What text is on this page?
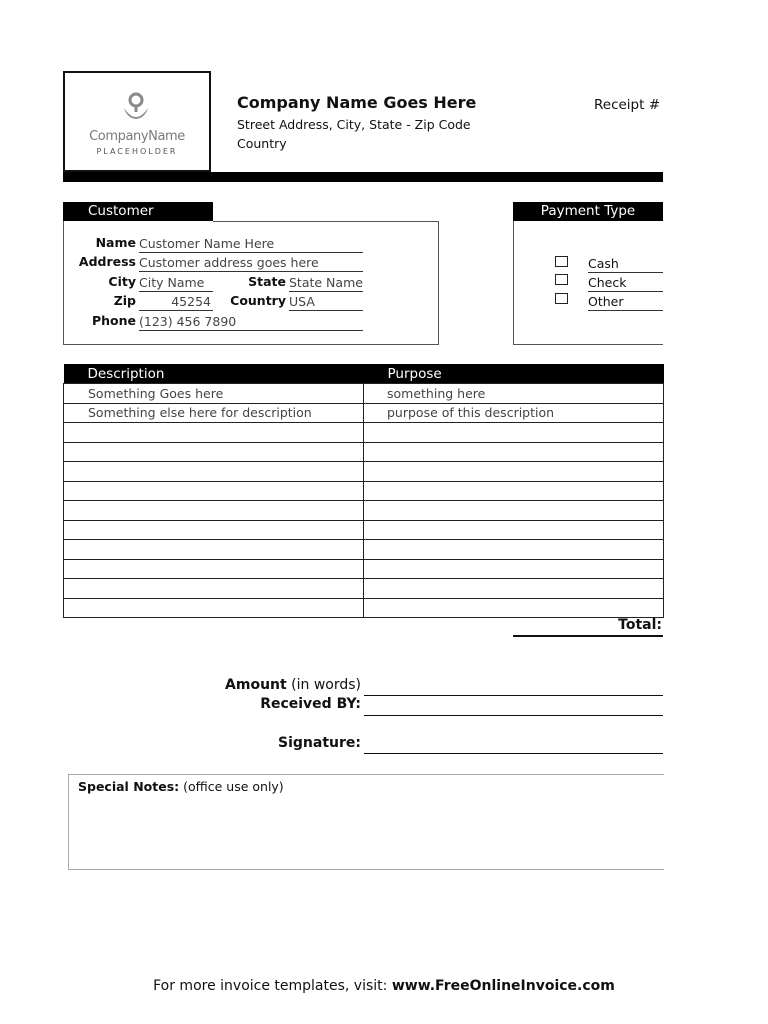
CompanyName
PLACEHOLDER
Company Name Goes Here
Street Address, City, State - Zip Code
Country
Receipt #
Customer
Name Customer Name Here
Address Customer address goes here
City City Name	State State Name
Zip	45254	Country USA
Phone (123) 456 7890
Payment Type
Cash
Check
Other
Description	Purpose
Something Goes here	something here
Something else here for description	purpose of this description

Total:
Amount (in words)
Received BY:
Signature:
Special Notes: (office use only)
For more invoice templates, visit: www.FreeOnlineInvoice.com
